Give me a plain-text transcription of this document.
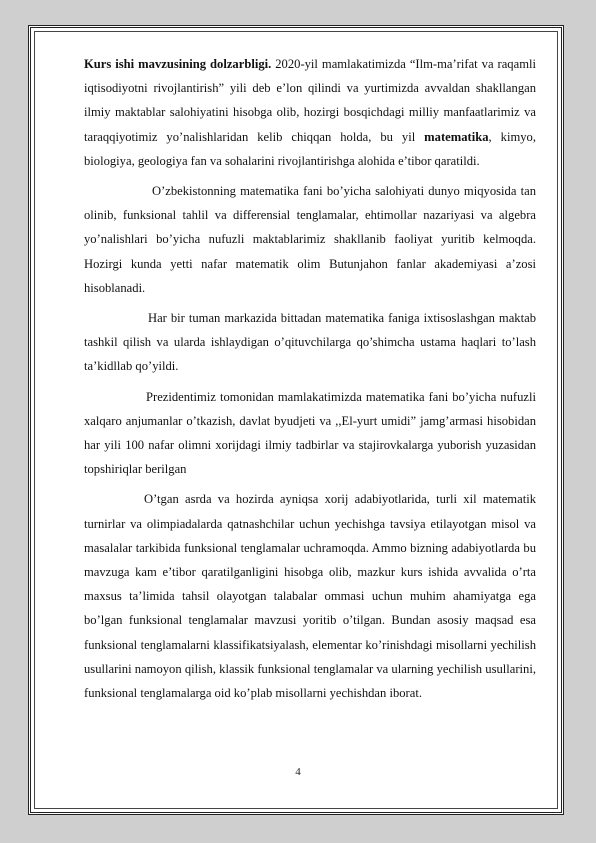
Kurs ishi mavzusining dolzarbligi. 2020-yil mamlakatimizda “Ilm-ma’rifat va raqamli iqtisodiyotni rivojlantirish” yili deb e’lon qilindi va yurtimizda avvaldan shakllangan ilmiy maktablar salohiyatini hisobga olib, hozirgi bosqichdagi milliy manfaatlarimiz va taraqqiyotimiz yo’nalishlaridan kelib chiqqan holda, bu yil matematika, kimyo, biologiya, geologiya fan va sohalarini rivojlantirishga alohida e’tibor qaratildi.

O’zbekistonning matematika fani bo’yicha salohiyati dunyo miqyosida tan olinib, funksional tahlil va differensial tenglamalar, ehtimollar nazariyasi va algebra yo’nalishlari bo’yicha nufuzli maktablarimiz shakllanib faoliyat yuritib kelmoqda. Hozirgi kunda yetti nafar matematik olim Butunjahon fanlar akademiyasi a’zosi hisoblanadi.

Har bir tuman markazida bittadan matematika faniga ixtisoslashgan maktab tashkil qilish va ularda ishlaydigan o’qituvchilarga qo’shimcha ustama haqlari to’lash ta’kidllab qo’yildi.

Prezidentimiz tomonidan mamlakatimizda matematika fani bo’yicha nufuzli xalqaro anjumanlar o’tkazish, davlat byudjeti va ,,El-yurt umidi” jamg’armasi hisobidan har yili 100 nafar olimni xorijdagi ilmiy tadbirlar va stajirovkalarga yuborish yuzasidan topshiriqlar berilgan

O’tgan asrda va hozirda ayniqsa xorij adabiyotlarida, turli xil matematik turnirlar va olimpiadalarda qatnashchilar uchun yechishga tavsiya etilayotgan misol va masalalar tarkibida funksional tenglamalar uchramoqda. Ammo bizning adabiyotlarda bu mavzuga kam e’tibor qaratilganligini hisobga olib, mazkur kurs ishida avvalida o’rta maxsus ta’limida tahsil olayotgan talabalar ommasi uchun muhim ahamiyatga ega bo’lgan funksional tenglamalar mavzusi yoritib o’tilgan. Bundan asosiy maqsad esa funksional tenglamalarni klassifikatsiyalash, elementar ko’rinishdagi misollarni yechilish usullarini namoyon qilish, klassik funksional tenglamalar va ularning yechilish usullarini, funksional tenglamalarga oid ko’plab misollarni yechishdan iborat.

4
